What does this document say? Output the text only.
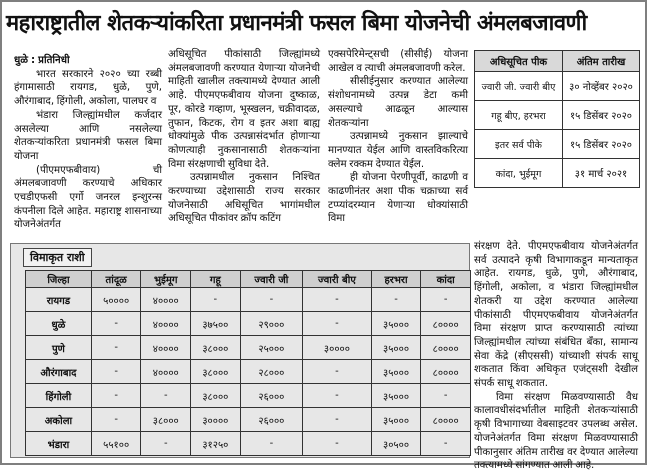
महाराष्ट्रातील शेतकऱ्यांकरिता प्रधानमंत्री फसल बिमा योजनेची अंमलबजावणी

धुळे : प्रतिनिधी

भारत सरकारने २०२० च्या रब्बी हंगामासाठी रायगड, धुळे, पुणे, औरंगाबाद, हिंगोली, अकोला, पालघर व

भंडारा जिल्ह्यांमधील कर्जदार असलेल्या आणि नसलेल्या शेतकऱ्यांकरिता प्रधानमंत्री फसल बिमा योजना

(पीएमएफबीवाय) ची अंमलबजावणी करण्याचे अधिकार एचडीएफसी एर्गो जनरल इन्शुरन्स कंपनीला दिले आहेत. महाराष्ट्र शासनाच्या योजनेअंतर्गत

अधिसूचित पीकांसाठी जिल्ह्यांमध्ये अंमलबजावणी करण्यात येणाऱ्या योजनेची माहिती खालील तक्त्यामध्ये देण्यात आली आहे. पीएमएफबीवाय योजना दुष्काळ, पूर, कोरडे गव्हाण, भूस्खलन, चक्रीवादळ, तुफान, किटक, रोग व इतर अशा बाह्य धोक्यांमुळे पीक उत्पन्नासंदर्भात होणाऱ्या कोणत्याही नुकसानासाठी शेतकऱ्यांना विमा संरक्षणाची सुविधा देते.

उत्पन्नामधील नुकसान निश्चित करण्याच्या उद्देशासाठी राज्य सरकार योजनेसाठी अधिसूचित भागांमधील अधिसूचित पीकांवर क्रॉप कटिंग

एक्सपेरिमेन्ट्सची (सीसीई) योजना आखेल व त्याची अंमलबजावणी करेल.

सीसीईनुसार करण्यात आलेल्या संशोधनामध्ये उत्पन्न डेटा कमी असल्याचे आढळून आल्यास शेतकऱ्यांना

उत्पन्नामध्ये नुकसान झाल्याचे मानण्यात येईल आणि वास्तविकरित्या क्लेम रक्कम देण्यात येईल.

ही योजना पेरणीपूर्वी, काढणी व काढणीनंतर अशा पीक चक्राच्या सर्व टप्प्यांदरम्यान येणाऱ्या धोक्यांसाठी विमा

अधिसूचित पीक	अंतिम तारीख
ज्वारी जी. ज्वारी बीए	३० नोव्हेंबर २०२०
गहू बीए, हरभरा	१५ डिसेंबर २०२०
इतर सर्व पीके	१५ डिसेंबर २०२०
कांदा, भुईमूग	३१ मार्च २०२१

संरक्षण देते. पीएमएफबीवाय योजनेअंतर्गत सर्व उत्पादने कृषी विभागाकडून मान्यताकृत आहेत. रायगड, धुळे, पुणे, औरंगाबाद, हिंगोली, अकोला, व भंडारा जिल्ह्यांमधील शेतकरी या उद्देश करण्यात आलेल्या पीकांसाठी पीएमएफबीवाय योजनेअंतर्गत विमा संरक्षण प्राप्त करण्यासाठी त्यांच्या जिल्ह्यांमधील त्यांच्या संबंधित बँका, सामान्य सेवा केंद्रे (सीएससी) यांच्याशी संपर्क साधू शकतात किंवा अधिकृत एजंट्सशी देखील संपर्क साधू शकतात.

विमा संरक्षण मिळवण्यासाठी वैध कालावधीसंदर्भातील माहिती शेतकऱ्यांसाठी कृषी विभागाच्या वेबसाइटवर उपलब्ध असेल. योजनेअंतर्गत विमा संरक्षण मिळवण्यासाठी पीकानुसार अंतिम तारीख वर देण्यात आलेल्या तक्त्यामध्ये सांगण्यात आली आहे.

विमाकृत राशी
जिल्हा	तांदूळ	भुईमूग	गहू	ज्वारी जी	ज्वारी बीए	हरभरा	कांदा
रायगड	५००००	४००००	-	-	-	-	-
धुळे	-	४००००	३७५००	२९०००	-	३५०००	८००००
पुणे	-	४००००	३८०००	२५०००	३००००	३५०००	८००००
औरंगाबाद	-	४००००	३८०००	२८०००	-	३५०००	८००००
हिंगोली	-	-	३८०००	२६०००	-	३५०००	-
अकोला	-	३८०००	३००००	२६०००	-	३५०००	८००००
भंडारा	५५१००	-	३१२५०	-	-	३०५००	-
